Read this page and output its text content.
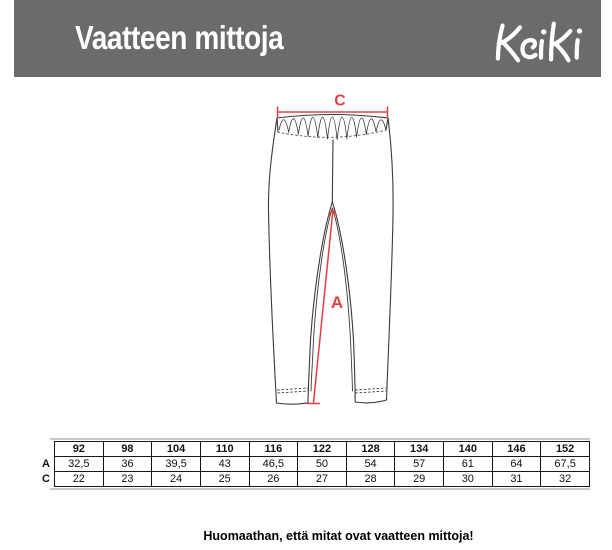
Vaatteen mittoja
C
A
	92	98	104	110	116	122	128	134	140	146	152
A	32,5	36	39,5	43	46,5	50	54	57	61	64	67,5
C	22	23	24	25	26	27	28	29	30	31	32
Huomaathan, että mitat ovat vaatteen mittoja!
